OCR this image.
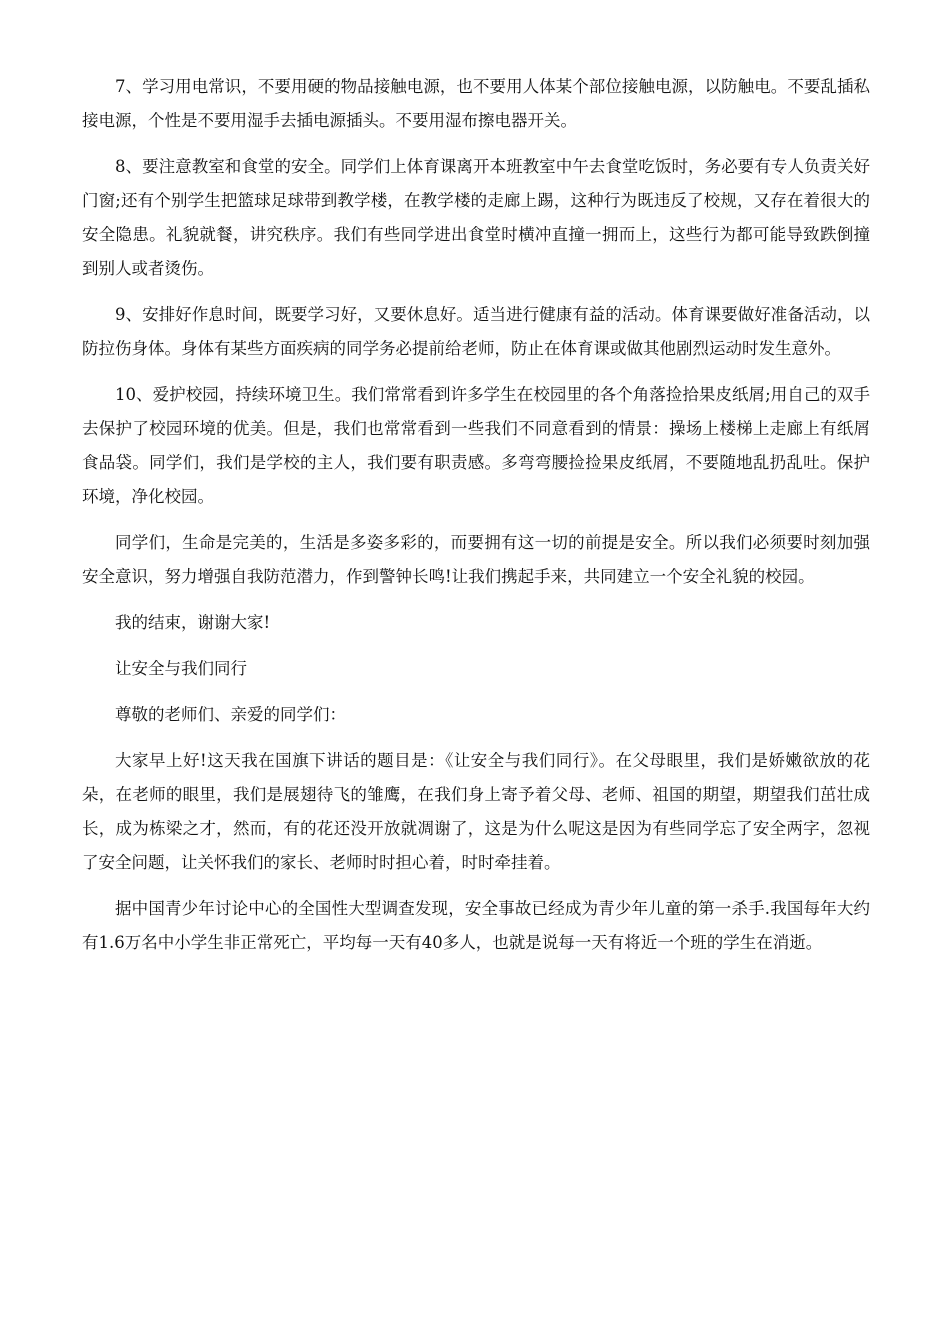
7、学习用电常识，不要用硬的物品接触电源，也不要用人体某个部位接触电源，以防触电。不要乱插私接电源，个性是不要用湿手去插电源插头。不要用湿布擦电器开关。

8、要注意教室和食堂的安全。同学们上体育课离开本班教室中午去食堂吃饭时，务必要有专人负责关好门窗;还有个别学生把篮球足球带到教学楼，在教学楼的走廊上踢，这种行为既违反了校规，又存在着很大的安全隐患。礼貌就餐，讲究秩序。我们有些同学进出食堂时横冲直撞一拥而上，这些行为都可能导致跌倒撞到别人或者烫伤。

9、安排好作息时间，既要学习好，又要休息好。适当进行健康有益的活动。体育课要做好准备活动，以防拉伤身体。身体有某些方面疾病的同学务必提前给老师，防止在体育课或做其他剧烈运动时发生意外。

10、爱护校园，持续环境卫生。我们常常看到许多学生在校园里的各个角落捡拾果皮纸屑;用自己的双手去保护了校园环境的优美。但是，我们也常常看到一些我们不同意看到的情景：操场上楼梯上走廊上有纸屑食品袋。同学们，我们是学校的主人，我们要有职责感。多弯弯腰捡捡果皮纸屑，不要随地乱扔乱吐。保护环境，净化校园。

同学们，生命是完美的，生活是多姿多彩的，而要拥有这一切的前提是安全。所以我们必须要时刻加强安全意识，努力增强自我防范潜力，作到警钟长鸣!让我们携起手来，共同建立一个安全礼貌的校园。

我的结束，谢谢大家!

让安全与我们同行

尊敬的老师们、亲爱的同学们：

大家早上好!这天我在国旗下讲话的题目是：《让安全与我们同行》。在父母眼里，我们是娇嫩欲放的花朵，在老师的眼里，我们是展翅待飞的雏鹰，在我们身上寄予着父母、老师、祖国的期望，期望我们茁壮成长，成为栋梁之才，然而，有的花还没开放就凋谢了，这是为什么呢这是因为有些同学忘了安全两字，忽视了安全问题，让关怀我们的家长、老师时时担心着，时时牵挂着。

据中国青少年讨论中心的全国性大型调查发现，安全事故已经成为青少年儿童的第一杀手.我国每年大约有1.6万名中小学生非正常死亡，平均每一天有40多人，也就是说每一天有将近一个班的学生在消逝。
